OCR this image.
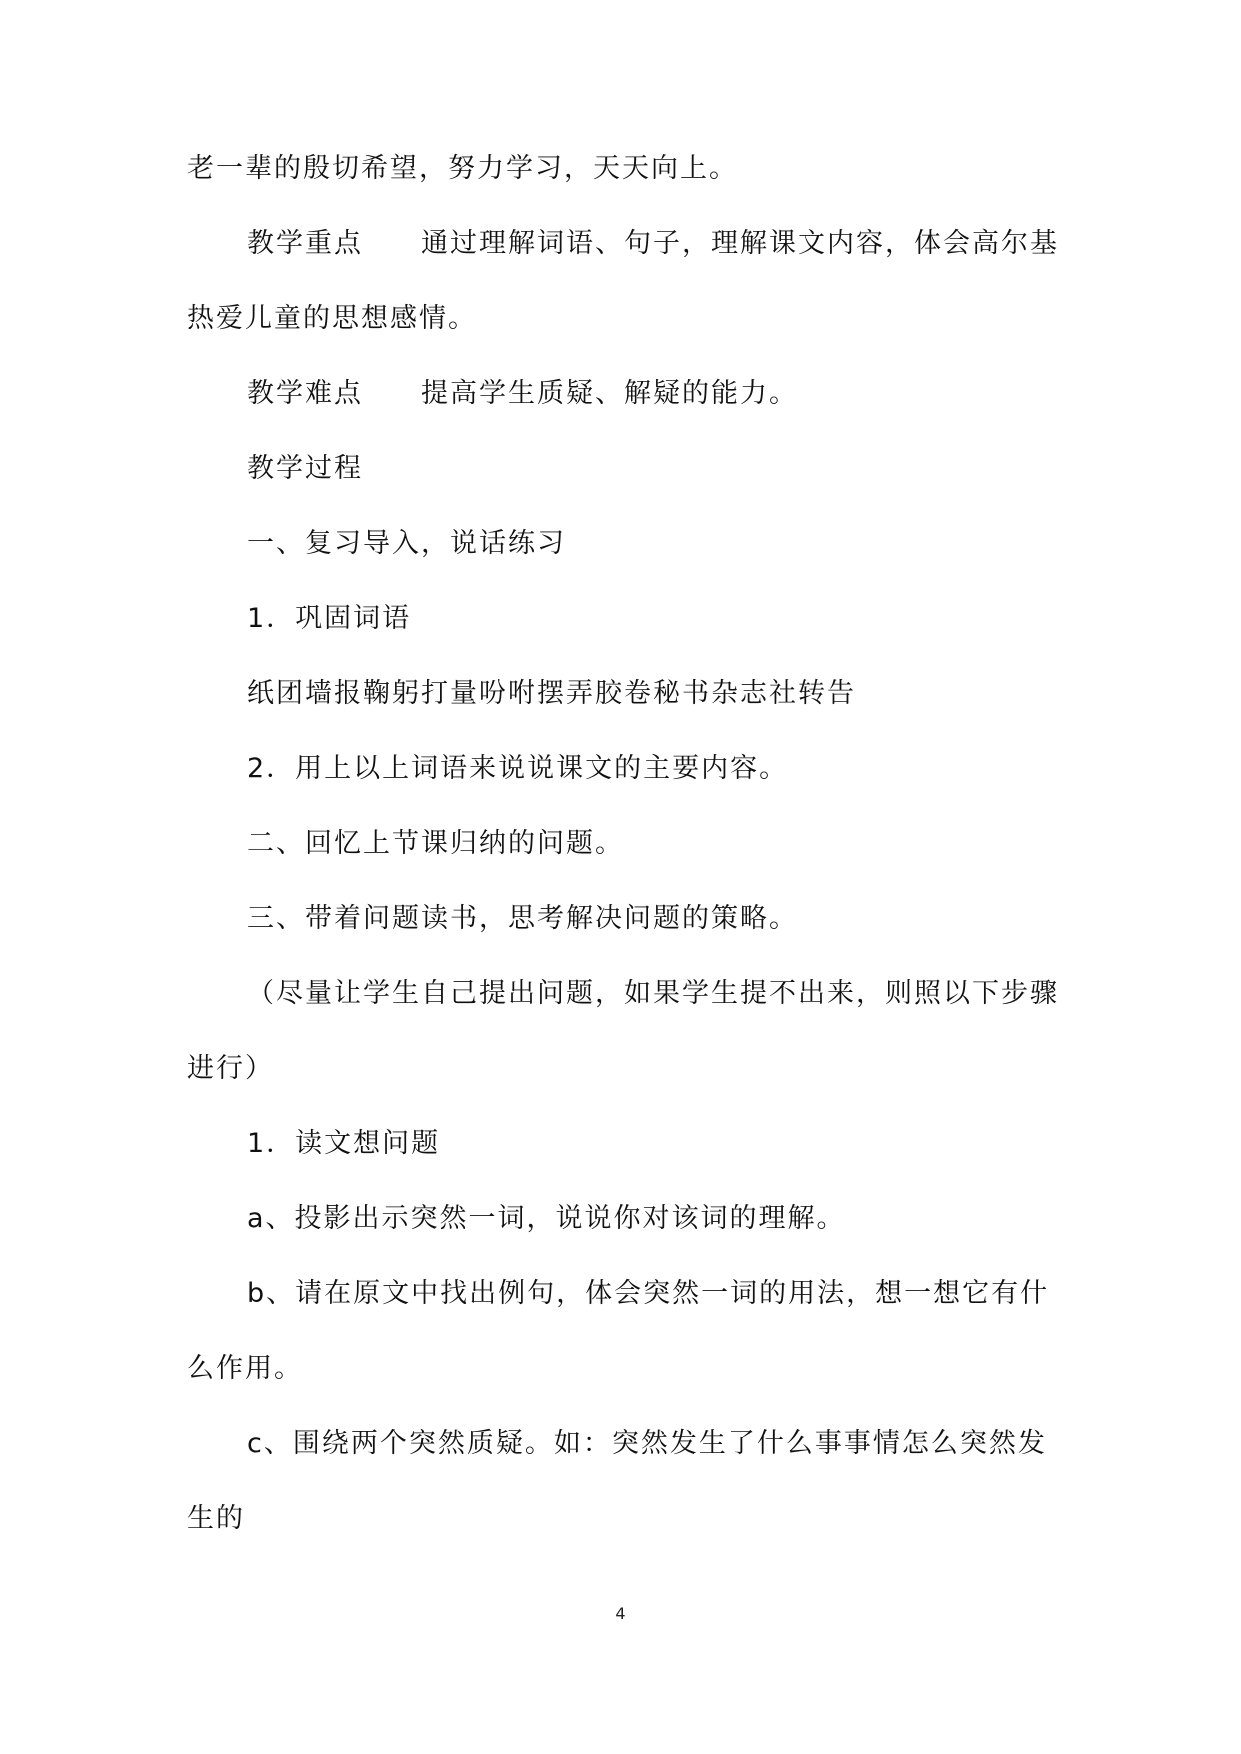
老一辈的殷切希望，努力学习，天天向上。
教学重点　　通过理解词语、句子，理解课文内容，体会高尔基
热爱儿童的思想感情。
教学难点　　提高学生质疑、解疑的能力。
教学过程
一、复习导入，说话练习
1．巩固词语
纸团墙报鞠躬打量吩咐摆弄胶卷秘书杂志社转告
2．用上以上词语来说说课文的主要内容。
二、回忆上节课归纳的问题。
三、带着问题读书，思考解决问题的策略。
（尽量让学生自己提出问题，如果学生提不出来，则照以下步骤
进行）
1．读文想问题
a、投影出示突然一词，说说你对该词的理解。
b、请在原文中找出例句，体会突然一词的用法，想一想它有什
么作用。
c、围绕两个突然质疑。如：突然发生了什么事事情怎么突然发
生的
4
